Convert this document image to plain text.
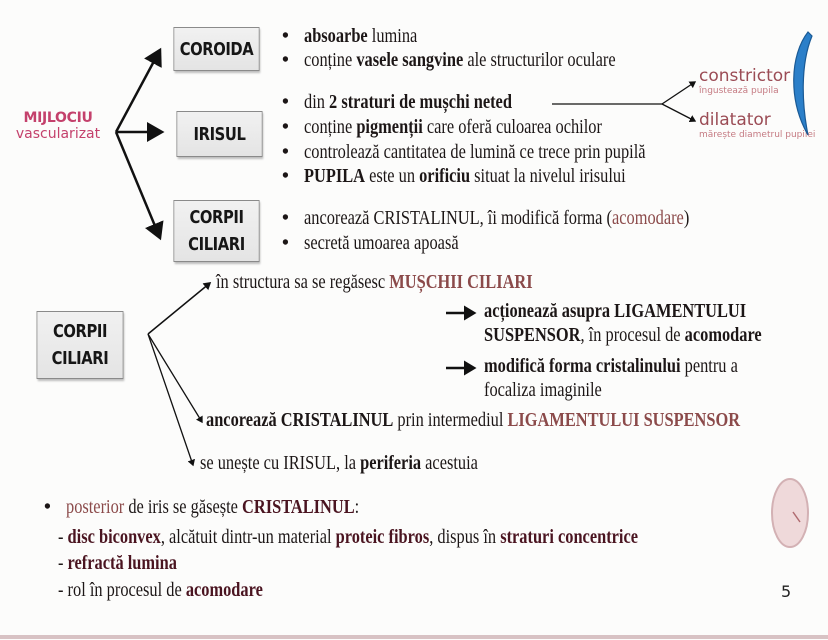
MIJLOCIU
vascularizat
COROIDA
• absoarbe lumina
• conține vasele sangvine ale structurilor oculare
IRISUL
• din 2 straturi de mușchi neted
• conține pigmenții care oferă culoarea ochilor
• controlează cantitatea de lumină ce trece prin pupilă
• PUPILA este un orificiu situat la nivelul irisului
constrictor
îngustează pupila
dilatator
mărește diametrul pupilei
CORPII
CILIARI
• ancorează CRISTALINUL, îi modifică forma (acomodare)
• secretă umoarea apoasă
CORPII
CILIARI
în structura sa se regăsesc MUȘCHII CILIARI
acționează asupra LIGAMENTULUI
SUSPENSOR, în procesul de acomodare
modifică forma cristalinului pentru a
focaliza imaginile
ancorează CRISTALINUL prin intermediul LIGAMENTULUI SUSPENSOR
se unește cu IRISUL, la periferia acestuia
• posterior de iris se găsește CRISTALINUL:
- disc biconvex, alcătuit dintr-un material proteic fibros, dispus în straturi concentrice
- refractă lumina
- rol în procesul de acomodare	5
